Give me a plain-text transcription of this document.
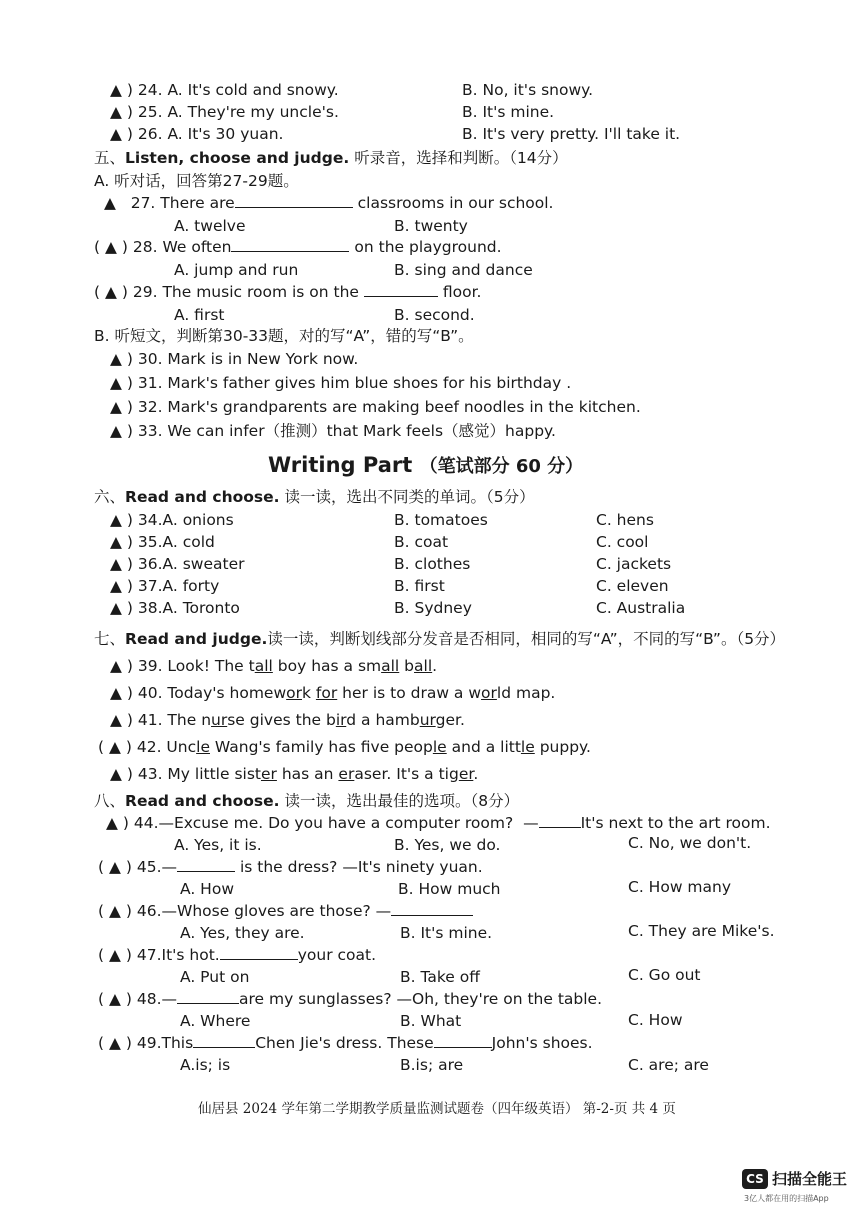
▲ ) 24. A. It's cold and snowy.	B. No, it's snowy.
▲ ) 25. A. They're my uncle's.	B. It's mine.
▲ ) 26. A. It's 30 yuan.	B. It's very pretty. I'll take it.
五、Listen, choose and judge. 听录音，选择和判断。（14分）
A. 听对话，回答第27-29题。
▲ 27. There are	classrooms in our school.
A. twelve	B. twenty
( ▲ ) 28. We often	on the playground.
A. jump and run	B. sing and dance
( ▲ ) 29. The music room is on the	floor.
A. first	B. second.
B. 听短文，判断第30-33题，对的写“A”，错的写“B”。
▲ ) 30. Mark is in New York now.
▲ ) 31. Mark's father gives him blue shoes for his birthday .
▲ ) 32. Mark's grandparents are making beef noodles in the kitchen.
▲ ) 33. We can infer（推测）that Mark feels（感觉）happy.
Writing Part （笔试部分 60 分）
六、Read and choose. 读一读，选出不同类的单词。（5分）
▲ ) 34.A. onions	B. tomatoes	C. hens
▲ ) 35.A. cold	B. coat	C. cool
▲ ) 36.A. sweater	B. clothes	C. jackets
▲ ) 37.A. forty	B. first	C. eleven
▲ ) 38.A. Toronto	B. Sydney	C. Australia
七、Read and judge.读一读，判断划线部分发音是否相同，相同的写“A”，不同的写“B”。（5分）
▲ ) 39. Look! The tall boy has a small ball.
▲ ) 40. Today's homework for her is to draw a world map.
▲ ) 41. The nurse gives the bird a hamburger.
( ▲ ) 42. Uncle Wang's family has five people and a little puppy.
▲ ) 43. My little sister has an eraser. It's a tiger.
八、Read and choose. 读一读，选出最佳的选项。（8分）
▲ ) 44.—Excuse me. Do you have a computer room? —	It's next to the art room.
A. Yes, it is.	B. Yes, we do.	C. No, we don't.
( ▲ ) 45.—	is the dress? —It's ninety yuan.
A. How	B. How much	C. How many
( ▲ ) 46.—Whose gloves are those? —
A. Yes, they are.	B. It's mine.	C. They are Mike's.
( ▲ ) 47.It's hot.	your coat.
A. Put on	B. Take off	C. Go out
( ▲ ) 48.—	are my sunglasses? —Oh, they're on the table.
A. Where	B. What	C. How
( ▲ ) 49.This	Chen Jie's dress. These	John's shoes.
A.is; is	B.is; are	C. are; are
仙居县 2024 学年第二学期教学质量监测试题卷（四年级英语） 第-2-页 共 4 页
CS 扫描全能王
3亿人都在用的扫描App
